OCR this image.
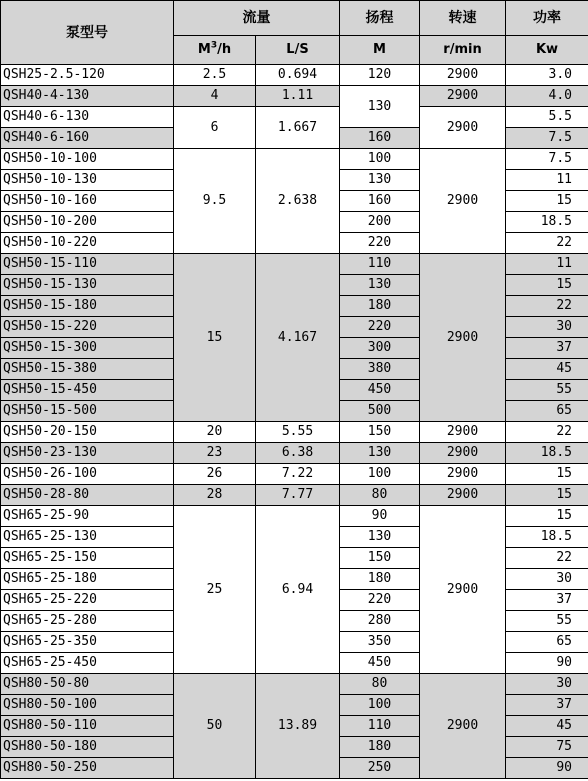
泵型号	流量		扬程	转速	功率
	$M^3/h$	L/S	M	r/min	Kw
QSH25-2.5-120	2.5	0.694	120	2900	3.0
QSH40-4-130	4	1.11	130	2900	4.0
QSH40-6-130	6	1.667		2900	5.5
QSH40-6-160			160		7.5
QSH50-10-100	9.5	2.638	100	2900	7.5
QSH50-10-130			130		11
QSH50-10-160			160		15
QSH50-10-200			200		18.5
QSH50-10-220			220		22
QSH50-15-110	15	4.167	110	2900	11
QSH50-15-130			130		15
QSH50-15-180			180		22
QSH50-15-220			220		30
QSH50-15-300			300		37
QSH50-15-380			380		45
QSH50-15-450			450		55
QSH50-15-500			500		65
QSH50-20-150	20	5.55	150	2900	22
QSH50-23-130	23	6.38	130	2900	18.5
QSH50-26-100	26	7.22	100	2900	15
QSH50-28-80	28	7.77	80	2900	15
QSH65-25-90	25	6.94	90	2900	15
QSH65-25-130			130		18.5
QSH65-25-150			150		22
QSH65-25-180			180		30
QSH65-25-220			220		37
QSH65-25-280			280		55
QSH65-25-350			350		65
QSH65-25-450			450		90
QSH80-50-80	50	13.89	80	2900	30
QSH80-50-100			100		37
QSH80-50-110			110		45
QSH80-50-180			180		75
QSH80-50-250			250		90
